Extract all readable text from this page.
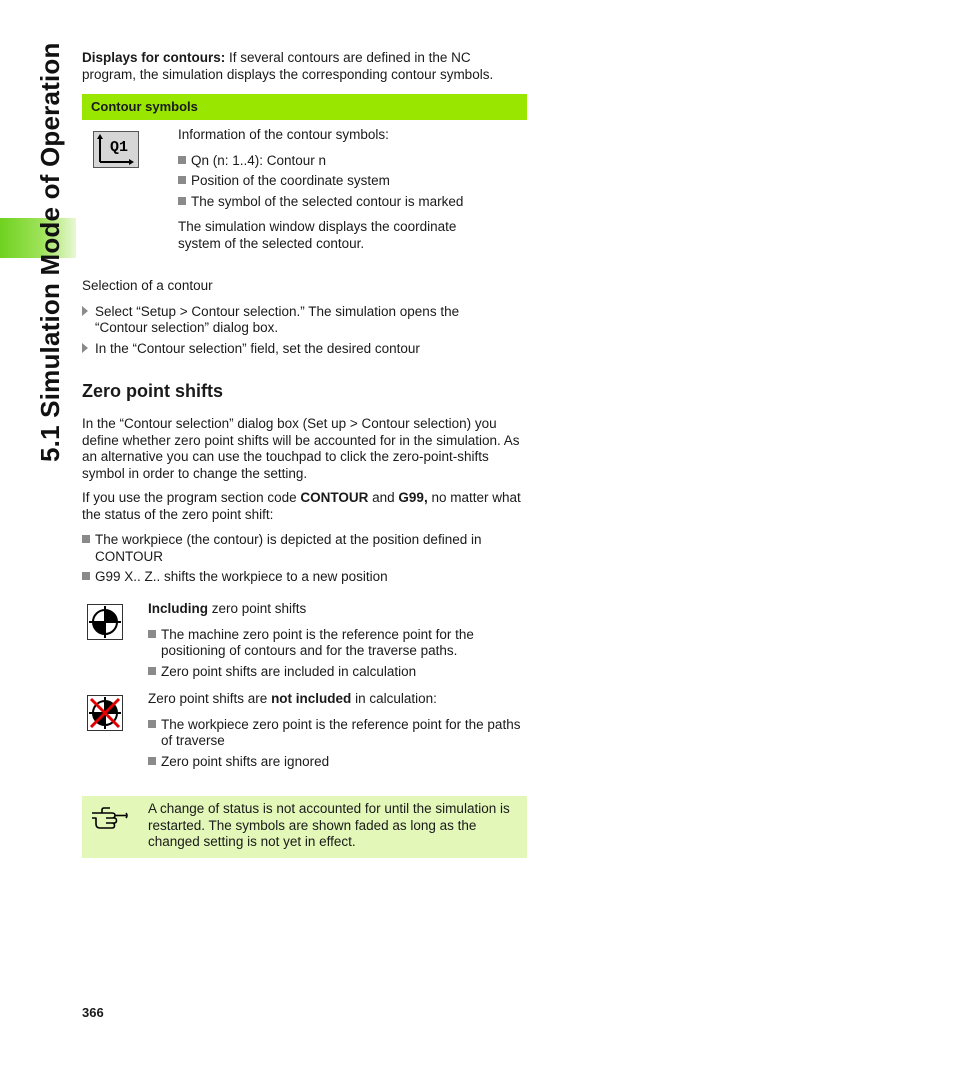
5.1 Simulation Mode of Operation Displays for contours: If several contours are defined in the NC program, the simulation displays the corresponding contour symbols.
Contour symbols
Q1
Information of the contour symbols:
Qn (n: 1..4): Contour n
Position of the coordinate system
The symbol of the selected contour is marked
The simulation window displays the coordinate system of the selected contour.
Selection of a contour
Select “Setup > Contour selection.” The simulation opens the “Contour selection” dialog box.
In the “Contour selection” field, set the desired contour
Zero point shifts
In the “Contour selection” dialog box (Set up > Contour selection) you define whether zero point shifts will be accounted for in the simulation. As an alternative you can use the touchpad to click the zero-point-shifts symbol in order to change the setting.
If you use the program section code CONTOUR and G99, no matter what the status of the zero point shift:
The workpiece (the contour) is depicted at the position defined in CONTOUR
G99 X.. Z.. shifts the workpiece to a new position
Including zero point shifts
The machine zero point is the reference point for the positioning of contours and for the traverse paths.
Zero point shifts are included in calculation
Zero point shifts are not included in calculation:
The workpiece zero point is the reference point for the paths of traverse
Zero point shifts are ignored
A change of status is not accounted for until the simulation is restarted. The symbols are shown faded as long as the changed setting is not yet in effect.
366
